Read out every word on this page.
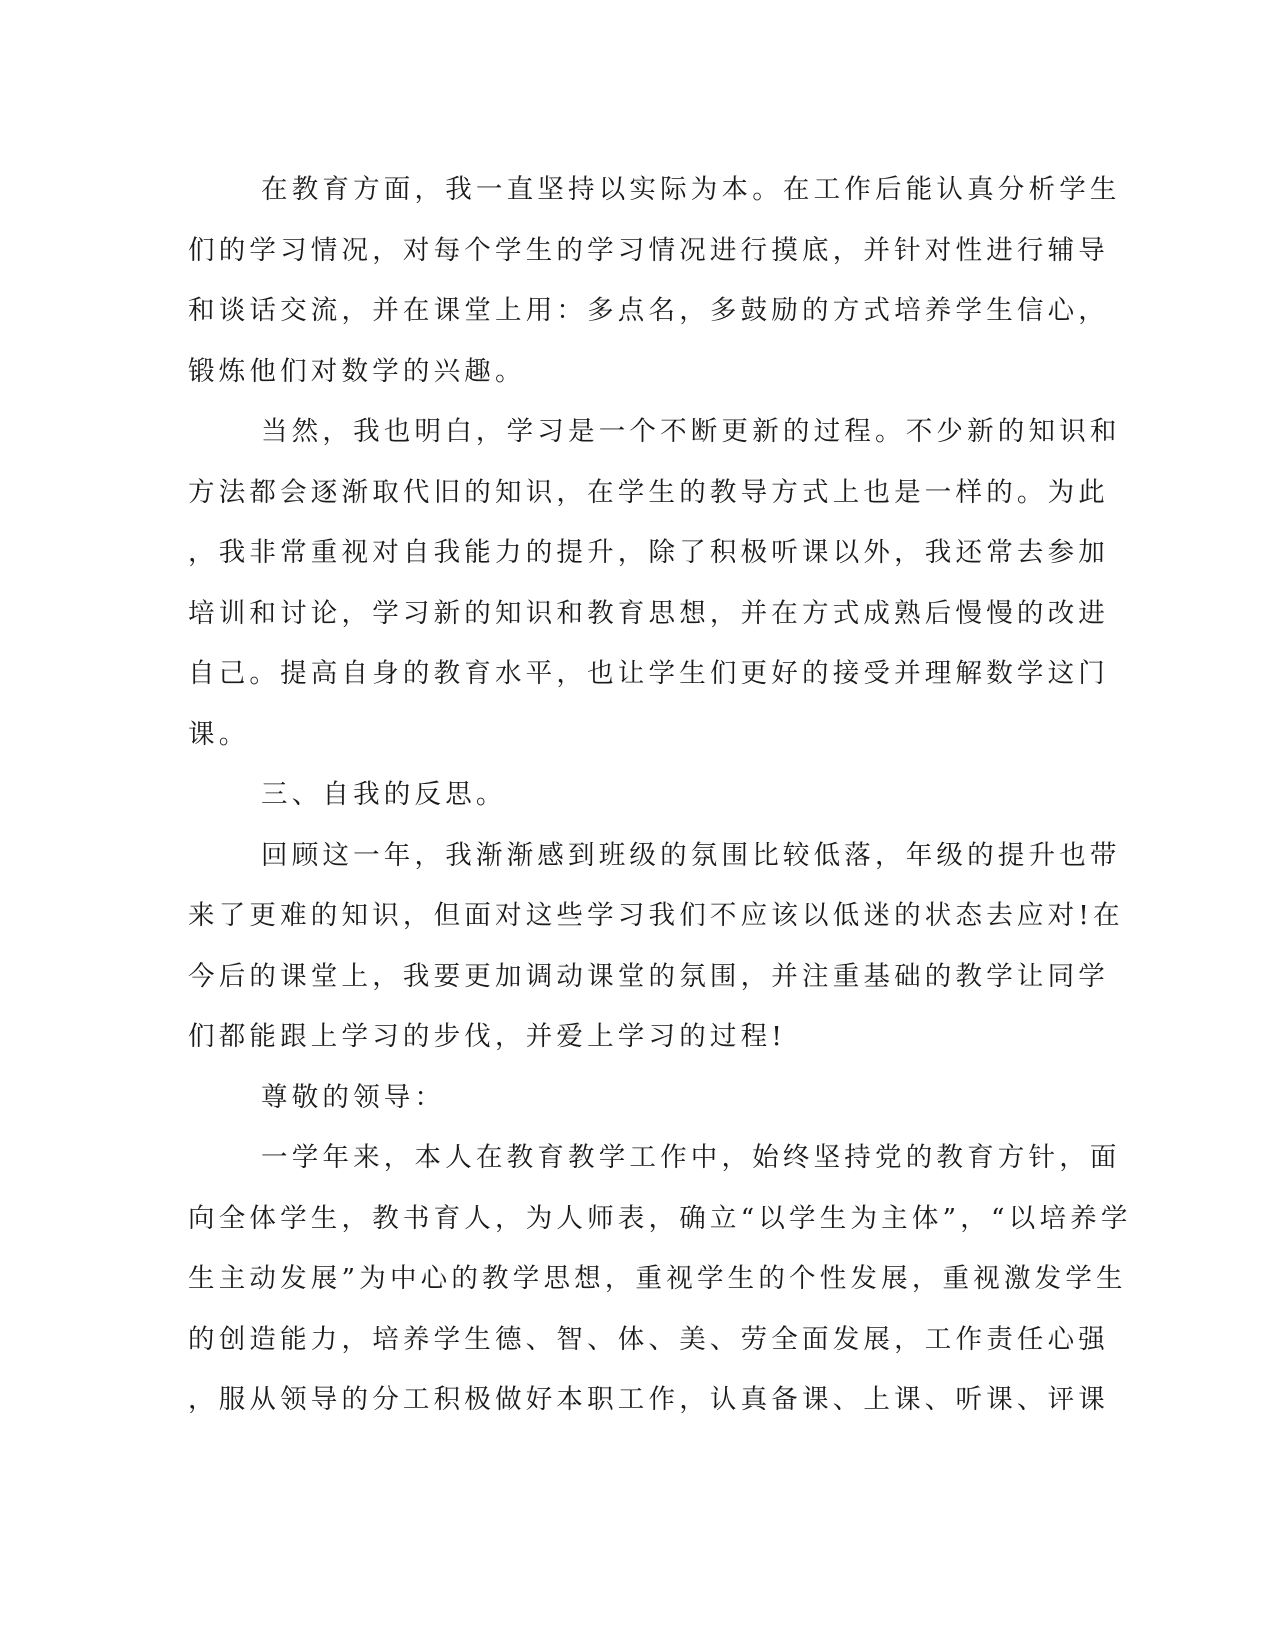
在教育方面，我一直坚持以实际为本。在工作后能认真分析学生
们的学习情况，对每个学生的学习情况进行摸底，并针对性进行辅导
和谈话交流，并在课堂上用：多点名，多鼓励的方式培养学生信心，
锻炼他们对数学的兴趣。
当然，我也明白，学习是一个不断更新的过程。不少新的知识和
方法都会逐渐取代旧的知识，在学生的教导方式上也是一样的。为此
，我非常重视对自我能力的提升，除了积极听课以外，我还常去参加
培训和讨论，学习新的知识和教育思想，并在方式成熟后慢慢的改进
自己。提高自身的教育水平，也让学生们更好的接受并理解数学这门
课。
三、自我的反思。
回顾这一年，我渐渐感到班级的氛围比较低落，年级的提升也带
来了更难的知识，但面对这些学习我们不应该以低迷的状态去应对!在
今后的课堂上，我要更加调动课堂的氛围，并注重基础的教学让同学
们都能跟上学习的步伐，并爱上学习的过程!
尊敬的领导：
一学年来，本人在教育教学工作中，始终坚持党的教育方针，面
向全体学生，教书育人，为人师表，确立“以学生为主体”，“以培养学
生主动发展”为中心的教学思想，重视学生的个性发展，重视激发学生
的创造能力，培养学生德、智、体、美、劳全面发展，工作责任心强
，服从领导的分工积极做好本职工作，认真备课、上课、听课、评课
